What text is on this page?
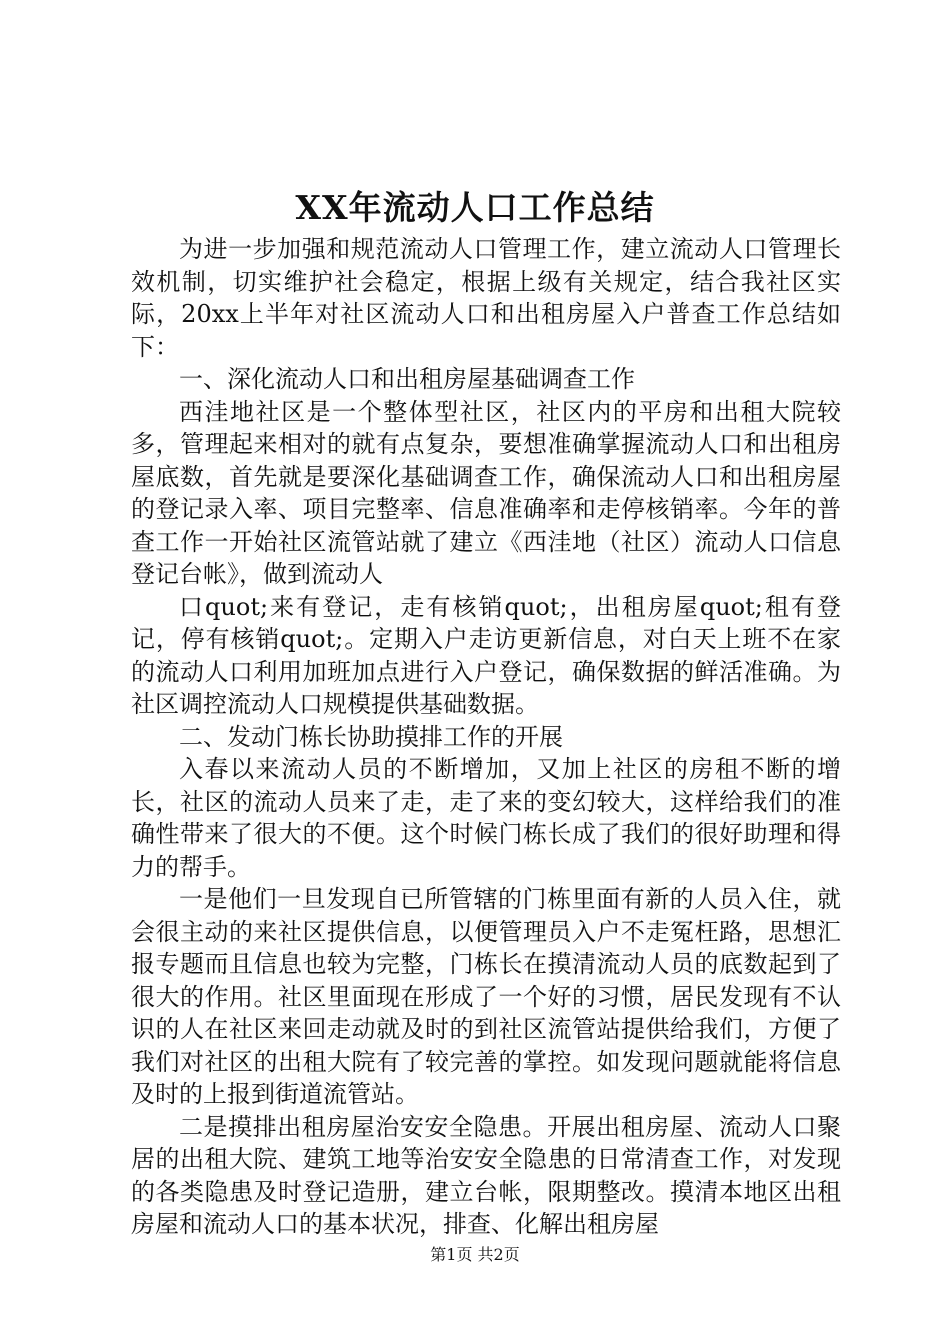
XX年流动人口工作总结

为进一步加强和规范流动人口管理工作，建立流动人口管理长效机制，切实维护社会稳定，根据上级有关规定，结合我社区实际，20xx上半年对社区流动人口和出租房屋入户普查工作总结如下：

一、深化流动人口和出租房屋基础调查工作

西洼地社区是一个整体型社区，社区内的平房和出租大院较多，管理起来相对的就有点复杂，要想准确掌握流动人口和出租房屋底数，首先就是要深化基础调查工作，确保流动人口和出租房屋的登记录入率、项目完整率、信息准确率和走停核销率。今年的普查工作一开始社区流管站就了建立《西洼地（社区）流动人口信息登记台帐》，做到流动人

口quot;来有登记，走有核销quot;，出租房屋quot;租有登记，停有核销quot;。定期入户走访更新信息，对白天上班不在家的流动人口利用加班加点进行入户登记，确保数据的鲜活准确。为社区调控流动人口规模提供基础数据。

二、发动门栋长协助摸排工作的开展

入春以来流动人员的不断增加，又加上社区的房租不断的增长，社区的流动人员来了走，走了来的变幻较大，这样给我们的准确性带来了很大的不便。这个时候门栋长成了我们的很好助理和得力的帮手。

一是他们一旦发现自已所管辖的门栋里面有新的人员入住，就会很主动的来社区提供信息，以便管理员入户不走冤枉路，思想汇报专题而且信息也较为完整，门栋长在摸清流动人员的底数起到了很大的作用。社区里面现在形成了一个好的习惯，居民发现有不认识的人在社区来回走动就及时的到社区流管站提供给我们，方便了我们对社区的出租大院有了较完善的掌控。如发现问题就能将信息及时的上报到街道流管站。

二是摸排出租房屋治安安全隐患。开展出租房屋、流动人口聚居的出租大院、建筑工地等治安安全隐患的日常清查工作，对发现的各类隐患及时登记造册，建立台帐，限期整改。摸清本地区出租房屋和流动人口的基本状况，排查、化解出租房屋

第1页 共2页
